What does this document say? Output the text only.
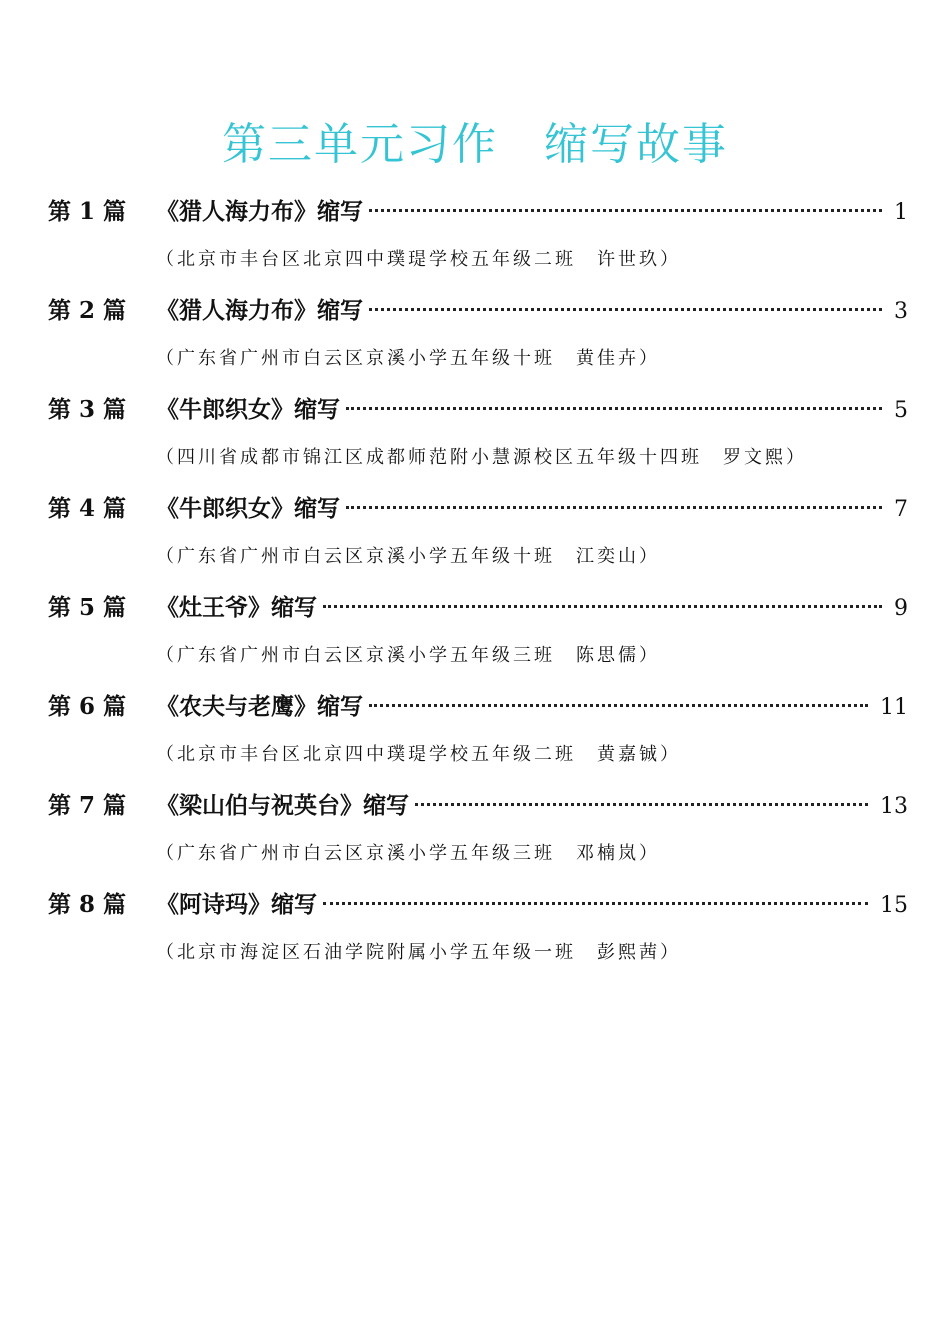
第三单元习作　缩写故事
第 1 篇	《猎人海力布》缩写	1
（北京市丰台区北京四中璞瑅学校五年级二班　许世玖）
第 2 篇	《猎人海力布》缩写	3
（广东省广州市白云区京溪小学五年级十班　黄佳卉）
第 3 篇	《牛郎织女》缩写	5
（四川省成都市锦江区成都师范附小慧源校区五年级十四班　罗文熙）
第 4 篇	《牛郎织女》缩写	7
（广东省广州市白云区京溪小学五年级十班　江奕山）
第 5 篇	《灶王爷》缩写	9
（广东省广州市白云区京溪小学五年级三班　陈思儒）
第 6 篇	《农夫与老鹰》缩写	11
（北京市丰台区北京四中璞瑅学校五年级二班　黄嘉铖）
第 7 篇	《梁山伯与祝英台》缩写	13
（广东省广州市白云区京溪小学五年级三班　邓楠岚）
第 8 篇	《阿诗玛》缩写	15
（北京市海淀区石油学院附属小学五年级一班　彭熙茜）
